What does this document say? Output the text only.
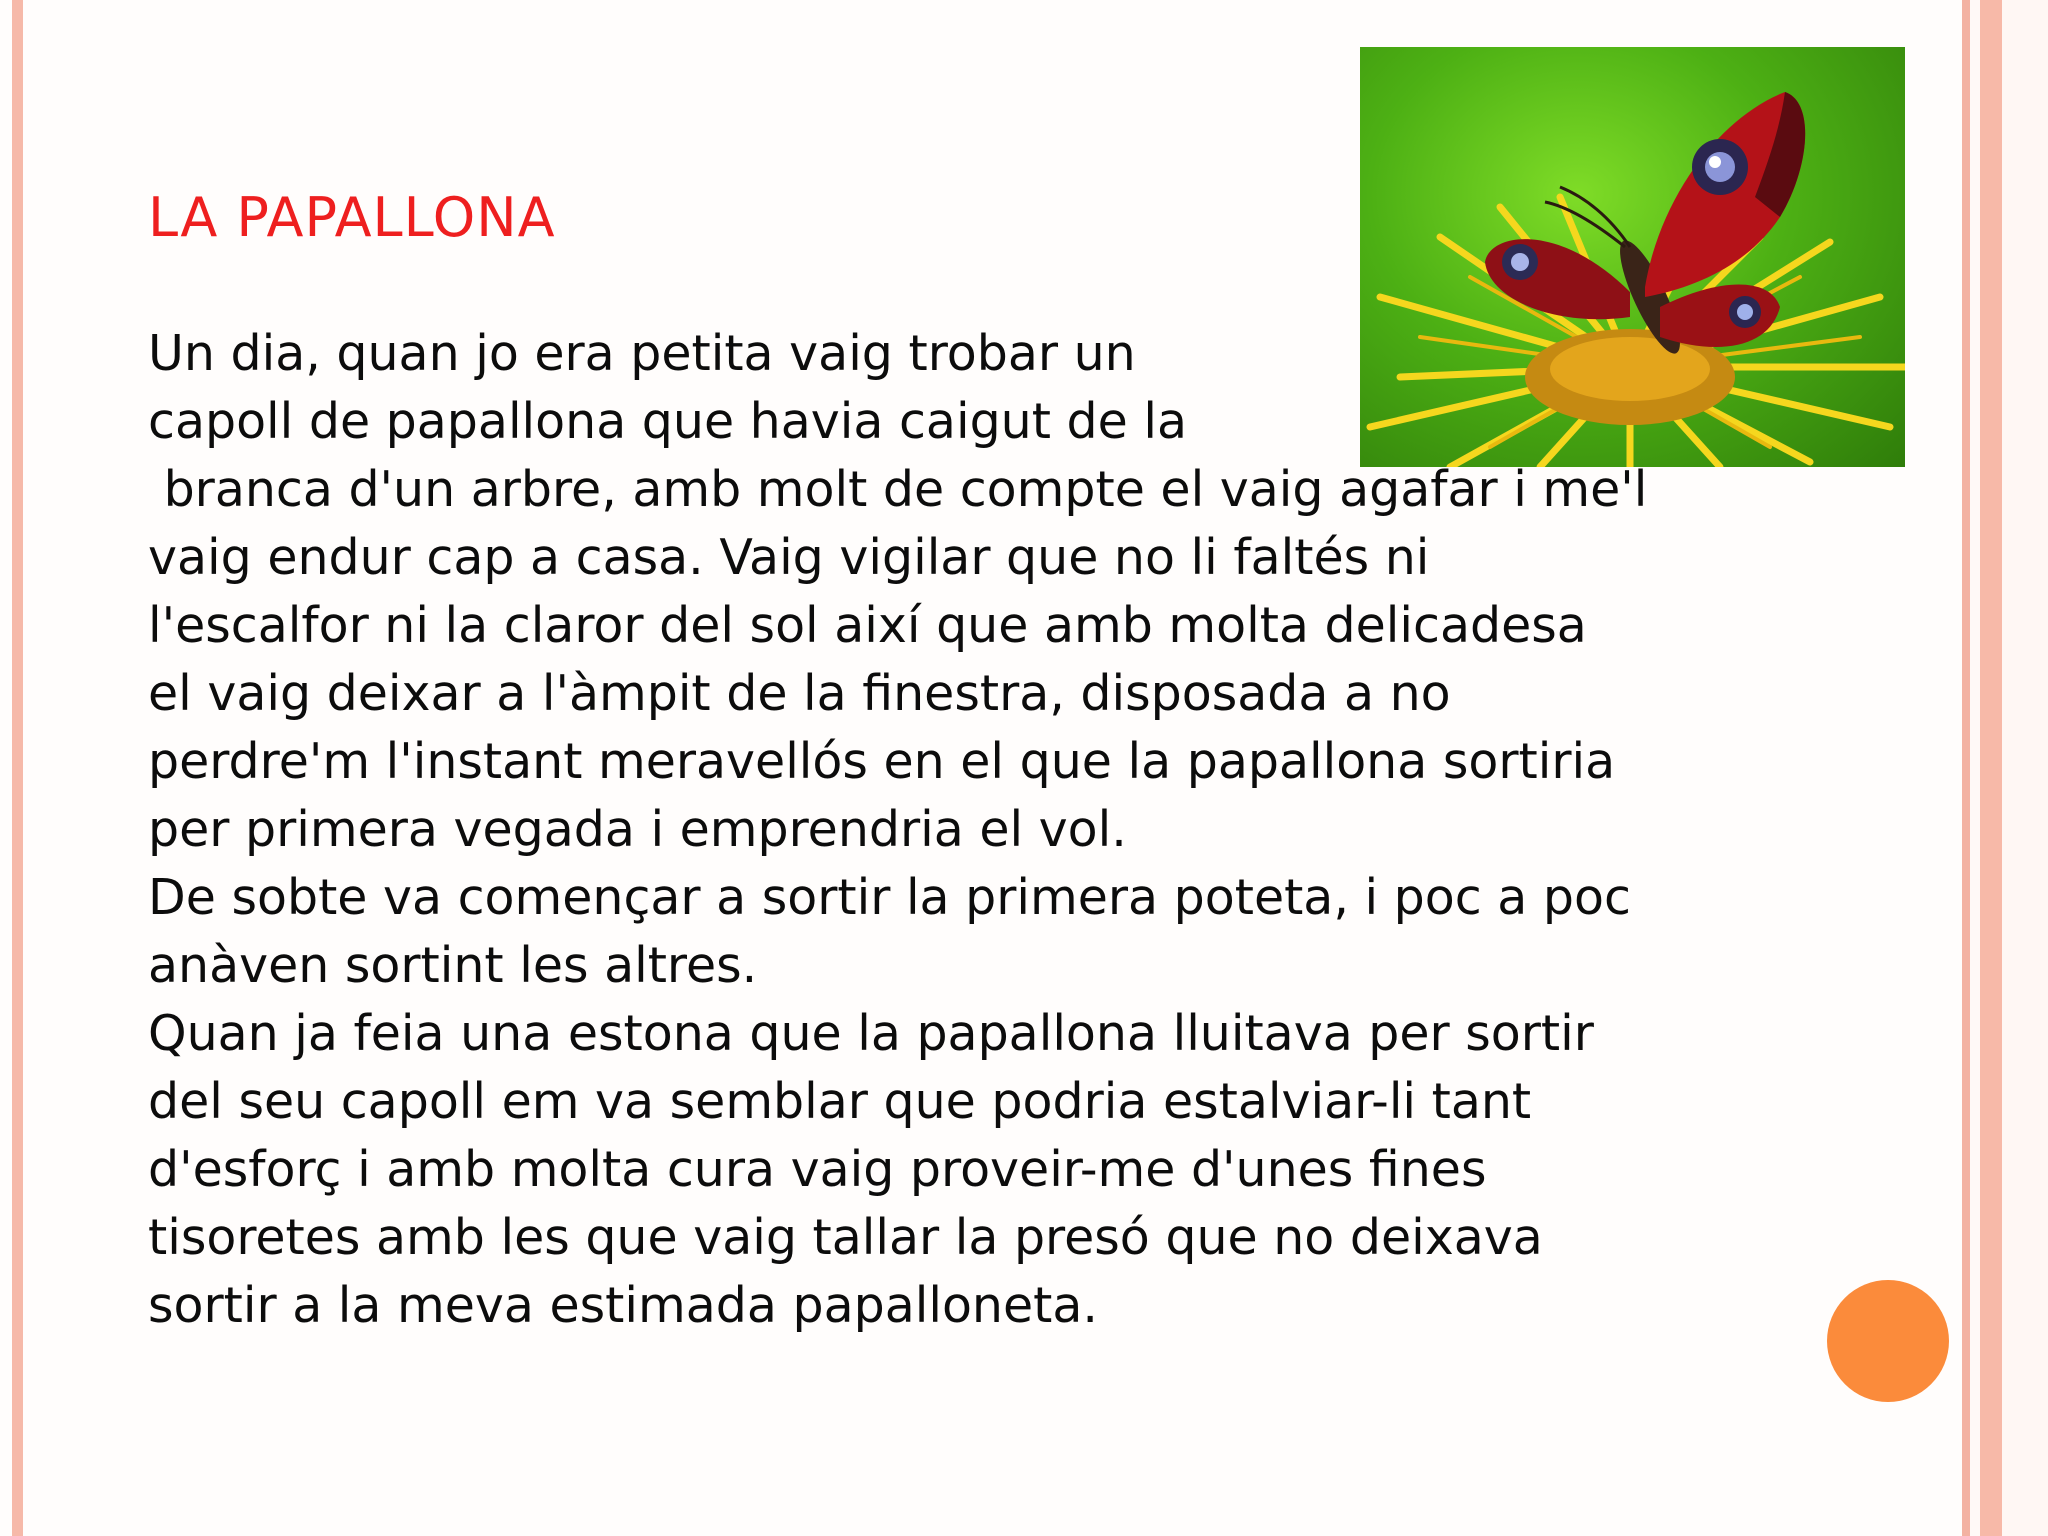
LA PAPALLONA
Un dia, quan jo era petita vaig trobar un
capoll de papallona que havia caigut de la
branca d'un arbre, amb molt de compte el vaig agafar i me'l
vaig endur cap a casa. Vaig vigilar que no li faltés ni
l'escalfor ni la claror del sol així que amb molta delicadesa
el vaig deixar a l'àmpit de la finestra, disposada a no
perdre'm l'instant meravellós en el que la papallona sortiria
per primera vegada i emprendria el vol.
De sobte va començar a sortir la primera poteta, i poc a poc
anàven sortint les altres.
Quan ja feia una estona que la papallona lluitava per sortir
del seu capoll em va semblar que podria estalviar-li tant
d'esforç i amb molta cura vaig proveir-me d'unes fines
tisoretes amb les que vaig tallar la presó que no deixava
sortir a la meva estimada papalloneta.
